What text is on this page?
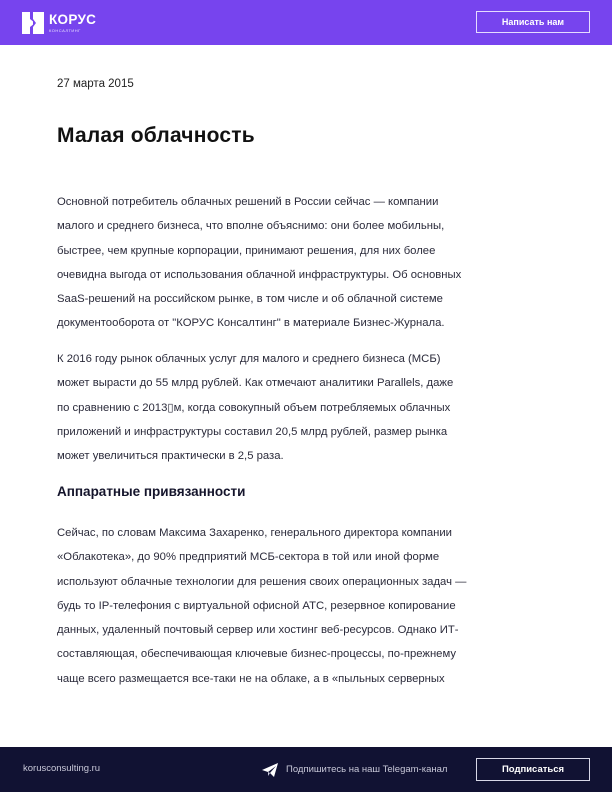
КОРУС
КОНСАЛТИНГ
Написать нам
27 марта 2015
Малая облачность
Основной потребитель облачных решений в России сейчас — компании
малого и среднего бизнеса, что вполне объяснимо: они более мобильны,
быстрее, чем крупные корпорации, принимают решения, для них более
очевидна выгода от использования облачной инфраструктуры. Об основных
SaaS-решений на российском рынке, в том числе и об облачной системе
документооборота от "КОРУС Консалтинг" в материале Бизнес-Журнала.
К 2016 году рынок облачных услуг для малого и среднего бизнеса (МСБ)
может вырасти до 55 млрд рублей. Как отмечают аналитики Parallels, даже
по сравнению с 2013▯м, когда совокупный объем потребляемых облачных
приложений и инфраструктуры составил 20,5 млрд рублей, размер рынка
может увеличиться практически в 2,5 раза.
Аппаратные привязанности
Сейчас, по словам Максима Захаренко, генерального директора компании
«Облакотека», до 90% предприятий МСБ-сектора в той или иной форме
используют облачные технологии для решения своих операционных задач —
будь то IP-телефония с виртуальной офисной АТС, резервное копирование
данных, удаленный почтовый сервер или хостинг веб-ресурсов. Однако ИТ-
составляющая, обеспечивающая ключевые бизнес-процессы, по-прежнему
чаще всего размещается все-таки не на облаке, а в «пыльных серверных
korusconsulting.ru	Подпишитесь на наш Telegam-канал	Подписаться
